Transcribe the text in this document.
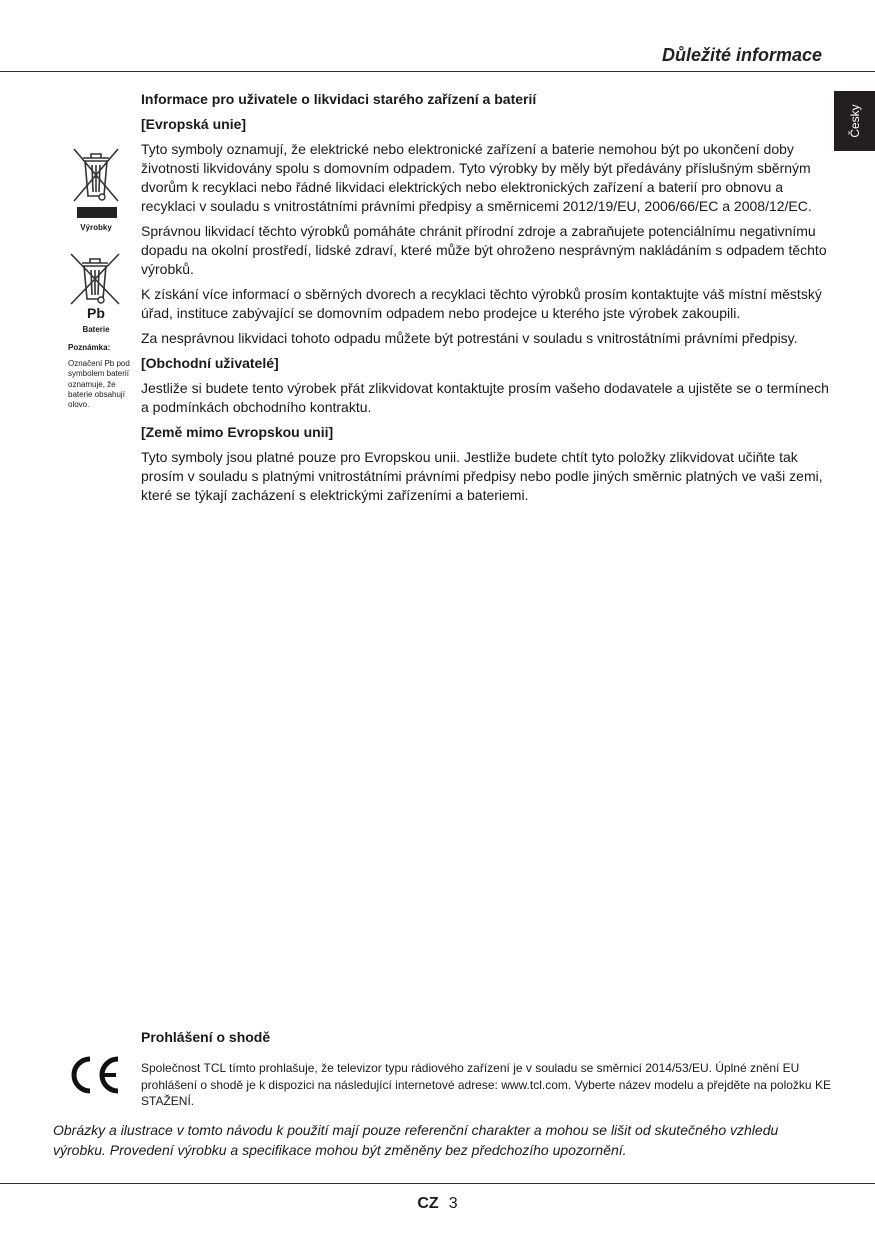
Důležité informace
Česky
Výrobky
Pb
Baterie
Poznámka:
Označení Pb pod symbolem baterií oznamuje, že baterie obsahují olovo.
Informace pro uživatele o likvidaci starého zařízení a baterií
[Evropská unie]

Tyto symboly oznamují, že elektrické nebo elektronické zařízení a baterie nemohou být po ukončení doby životnosti likvidovány spolu s domovním odpadem. Tyto výrobky by měly být předávány příslušným sběrným dvorům k recyklaci nebo řádné likvidaci elektrických nebo elektronických zařízení a baterií pro obnovu a recyklaci v souladu s vnitrostátními právními předpisy a směrnicemi 2012/19/EU, 2006/66/EC a 2008/12/EC.

Správnou likvidací těchto výrobků pomáháte chránit přírodní zdroje a zabraňujete potenciálnímu negativnímu dopadu na okolní prostředí, lidské zdraví, které může být ohroženo nesprávným nakládáním s odpadem těchto výrobků.

K získání více informací o sběrných dvorech a recyklaci těchto výrobků prosím kontaktujte váš místní městský úřad, instituce zabývající se domovním odpadem nebo prodejce u kterého jste výrobek zakoupili.

Za nesprávnou likvidaci tohoto odpadu můžete být potrestáni v souladu s vnitrostátními právními předpisy.

[Obchodní uživatelé]

Jestliže si budete tento výrobek přát zlikvidovat kontaktujte prosím vašeho dodavatele a ujistěte se o termínech a podmínkách obchodního kontraktu.

[Země mimo Evropskou unii]

Tyto symboly jsou platné pouze pro Evropskou unii. Jestliže budete chtít tyto položky zlikvidovat učiňte tak prosím v souladu s platnými vnitrostátními právními předpisy nebo podle jiných směrnic platných ve vaši zemi, které se týkají zacházení s elektrickými zařízeními a bateriemi.

Prohlášení o shodě
Společnost TCL tímto prohlašuje, že televizor typu rádiového zařízení je v souladu se směrnicí 2014/53/EU. Úplné znění EU prohlášení o shodě je k dispozici na následující internetové adrese: www.tcl.com. Vyberte název modelu a přejděte na položku KE STAŽENÍ.
Obrázky a ilustrace v tomto návodu k použití mají pouze referenční charakter a mohou se lišit od skutečného vzhledu výrobku. Provedení výrobku a specifikace mohou být změněny bez předchozího upozornění.
CZ 3
